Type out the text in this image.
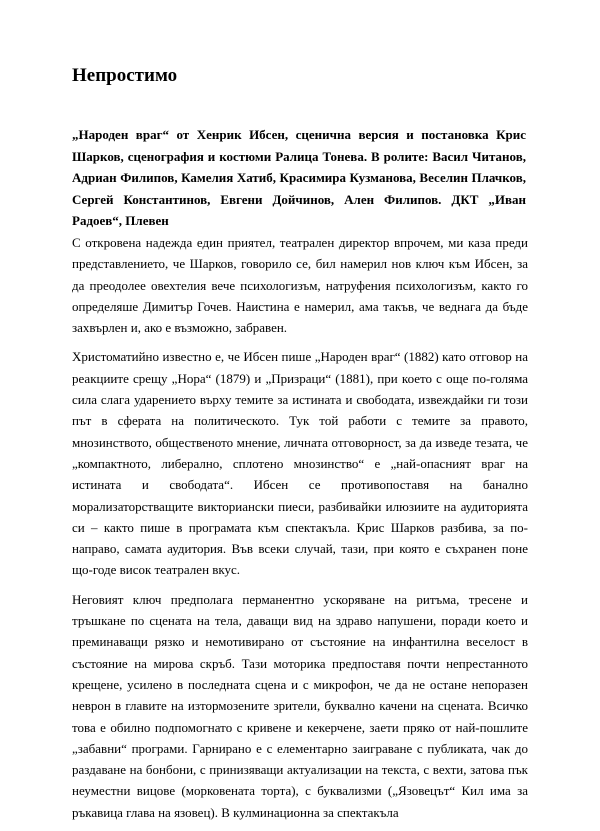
Непростимо

„Народен враг“ от Хенрик Ибсен, сценична версия и постановка Крис Шарков, сценография и костюми Ралица Тонева. В ролите: Васил Читанов, Адриан Филипов, Камелия Хатиб, Красимира Кузманова, Веселин Плачков, Сергей Константинов, Евгени Дойчинов, Ален Филипов. ДКТ „Иван Радоев“, Плевен

С откровена надежда един приятел, театрален директор впрочем, ми каза преди представлението, че Шарков, говорило се, бил намерил нов ключ към Ибсен, за да преодолее овехтелия вече психологизъм, натруфения психологизъм, както го определяше Димитър Гочев. Наистина е намерил, ама такъв, че веднага да бъде захвърлен и, ако е възможно, забравен.

Христоматийно известно е, че Ибсен пише „Народен враг“ (1882) като отговор на реакциите срещу „Нора“ (1879) и „Призраци“ (1881), при което с още по-голяма сила слага ударението върху темите за истината и свободата, извеждайки ги този път в сферата на политическото. Тук той работи с темите за правото, мнозинството, общественото мнение, личната отговорност, за да изведе тезата, че „компактното, либерално, сплотено мнозинство“ е „най-опасният враг на истината и свободата“. Ибсен се противопоставя на банално морализаторстващите викториански пиеси, разбивайки илюзиите на аудиторията си – както пише в програмата към спектакъла. Крис Шарков разбива, за по-направо, самата аудитория. Във всеки случай, тази, при която е съхранен поне що-годе висок театрален вкус.

Неговият ключ предполага перманентно ускоряване на ритъма, тресене и тръшкане по сцената на тела, даващи вид на здраво напушени, поради което и преминаващи рязко и немотивирано от състояние на инфантилна веселост в състояние на мирова скръб. Тази моторика предпоставя почти непрестанното крещене, усилено в последната сцена и с микрофон, че да не остане непоразен неврон в главите на изтормозените зрители, буквално качени на сцената. Всичко това е обилно подпомогнато с кривене и кекерчене, заети пряко от най-пошлите „забавни“ програми. Гарнирано е с елементарно заиграване с публиката, чак до раздаване на бонбони, с принизяващи актуализации на текста, с вехти, затова пък неуместни вицове (морковената торта), с буквализми („Язовецът“ Кил има за ръкавица глава на язовец). В кулминационна за спектакъла
